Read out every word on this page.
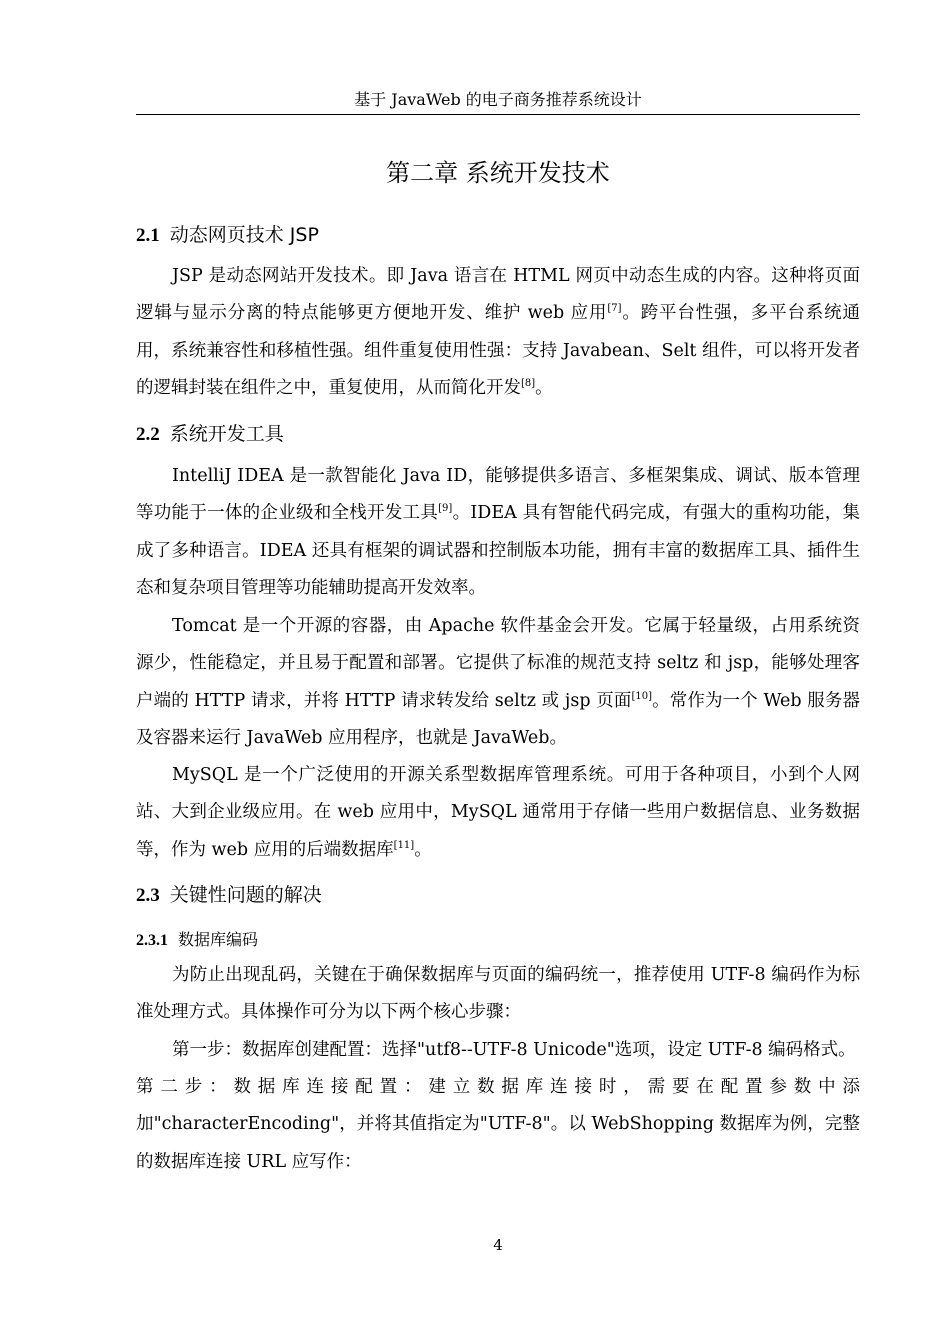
基于 JavaWeb 的电子商务推荐系统设计
第二章 系统开发技术
2.1 动态网页技术 JSP

JSP 是动态网站开发技术。即 Java 语言在 HTML 网页中动态生成的内容。这种将页面逻辑与显示分离的特点能够更方便地开发、维护 web 应用[7]。跨平台性强，多平台系统通用，系统兼容性和移植性强。组件重复使用性强：支持 Javabean、Selt 组件，可以将开发者的逻辑封装在组件之中，重复使用，从而简化开发[8]。

2.2 系统开发工具

IntelliJ IDEA 是一款智能化 Java ID，能够提供多语言、多框架集成、调试、版本管理等功能于一体的企业级和全栈开发工具[9]。IDEA 具有智能代码完成，有强大的重构功能，集成了多种语言。IDEA 还具有框架的调试器和控制版本功能，拥有丰富的数据库工具、插件生态和复杂项目管理等功能辅助提高开发效率。

Tomcat 是一个开源的容器，由 Apache 软件基金会开发。它属于轻量级，占用系统资源少，性能稳定，并且易于配置和部署。它提供了标准的规范支持 seltz 和 jsp，能够处理客户端的 HTTP 请求，并将 HTTP 请求转发给 seltz 或 jsp 页面[10]。常作为一个 Web 服务器及容器来运行 JavaWeb 应用程序，也就是 JavaWeb。

MySQL 是一个广泛使用的开源关系型数据库管理系统。可用于各种项目，小到个人网站、大到企业级应用。在 web 应用中，MySQL 通常用于存储一些用户数据信息、业务数据等，作为 web 应用的后端数据库[11]。

2.3 关键性问题的解决
2.3.1 数据库编码

为防止出现乱码，关键在于确保数据库与页面的编码统一，推荐使用 UTF-8 编码作为标准处理方式。具体操作可分为以下两个核心步骤：

第一步：数据库创建配置：选择"utf8--UTF-8 Unicode"选项，设定 UTF-8 编码格式。

第二步：数据库连接配置：建立数据库连接时，需要在配置参数中添加"characterEncoding"，并将其值指定为"UTF-8"。以 WebShopping 数据库为例，完整的数据库连接 URL 应写作：

4
